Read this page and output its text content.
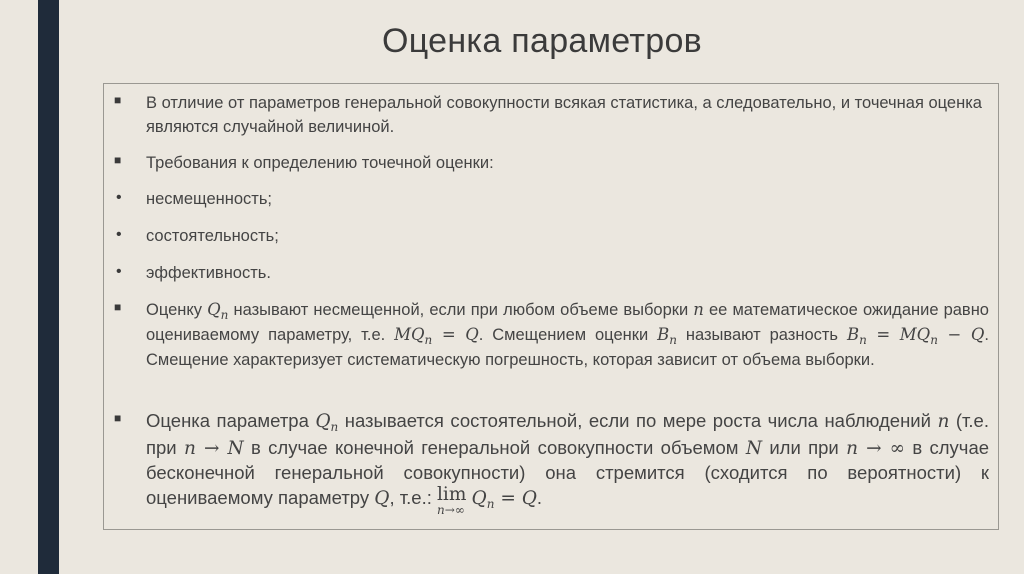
Оценка параметров
■ В отличие от параметров генеральной совокупности всякая статистика, а следовательно, и точечная оценка являются случайной величиной.
■ Требования к определению точечной оценки:
• несмещенность;
• состоятельность;
• эффективность.
■ Оценку $Q_n$ называют несмещенной, если при любом объеме выборки n ее математическое ожидание равно оцениваемому параметру, т.е. $MQ_n = Q$. Смещением оценки $B_n$ называют разность $B_n = MQ_n - Q$. Смещение характеризует систематическую погрешность, которая зависит от объема выборки.
■ Оценка параметра $Q_n$ называется состоятельной, если по мере роста числа наблюдений n (т.е. при n → N в случае конечной генеральной совокупности объемом N или при n → ∞ в случае бесконечной генеральной совокупности) она стремится (сходится по вероятности) к оцениваемому параметру Q, т.е.: lim
n→∞
$Q_n = Q$.
